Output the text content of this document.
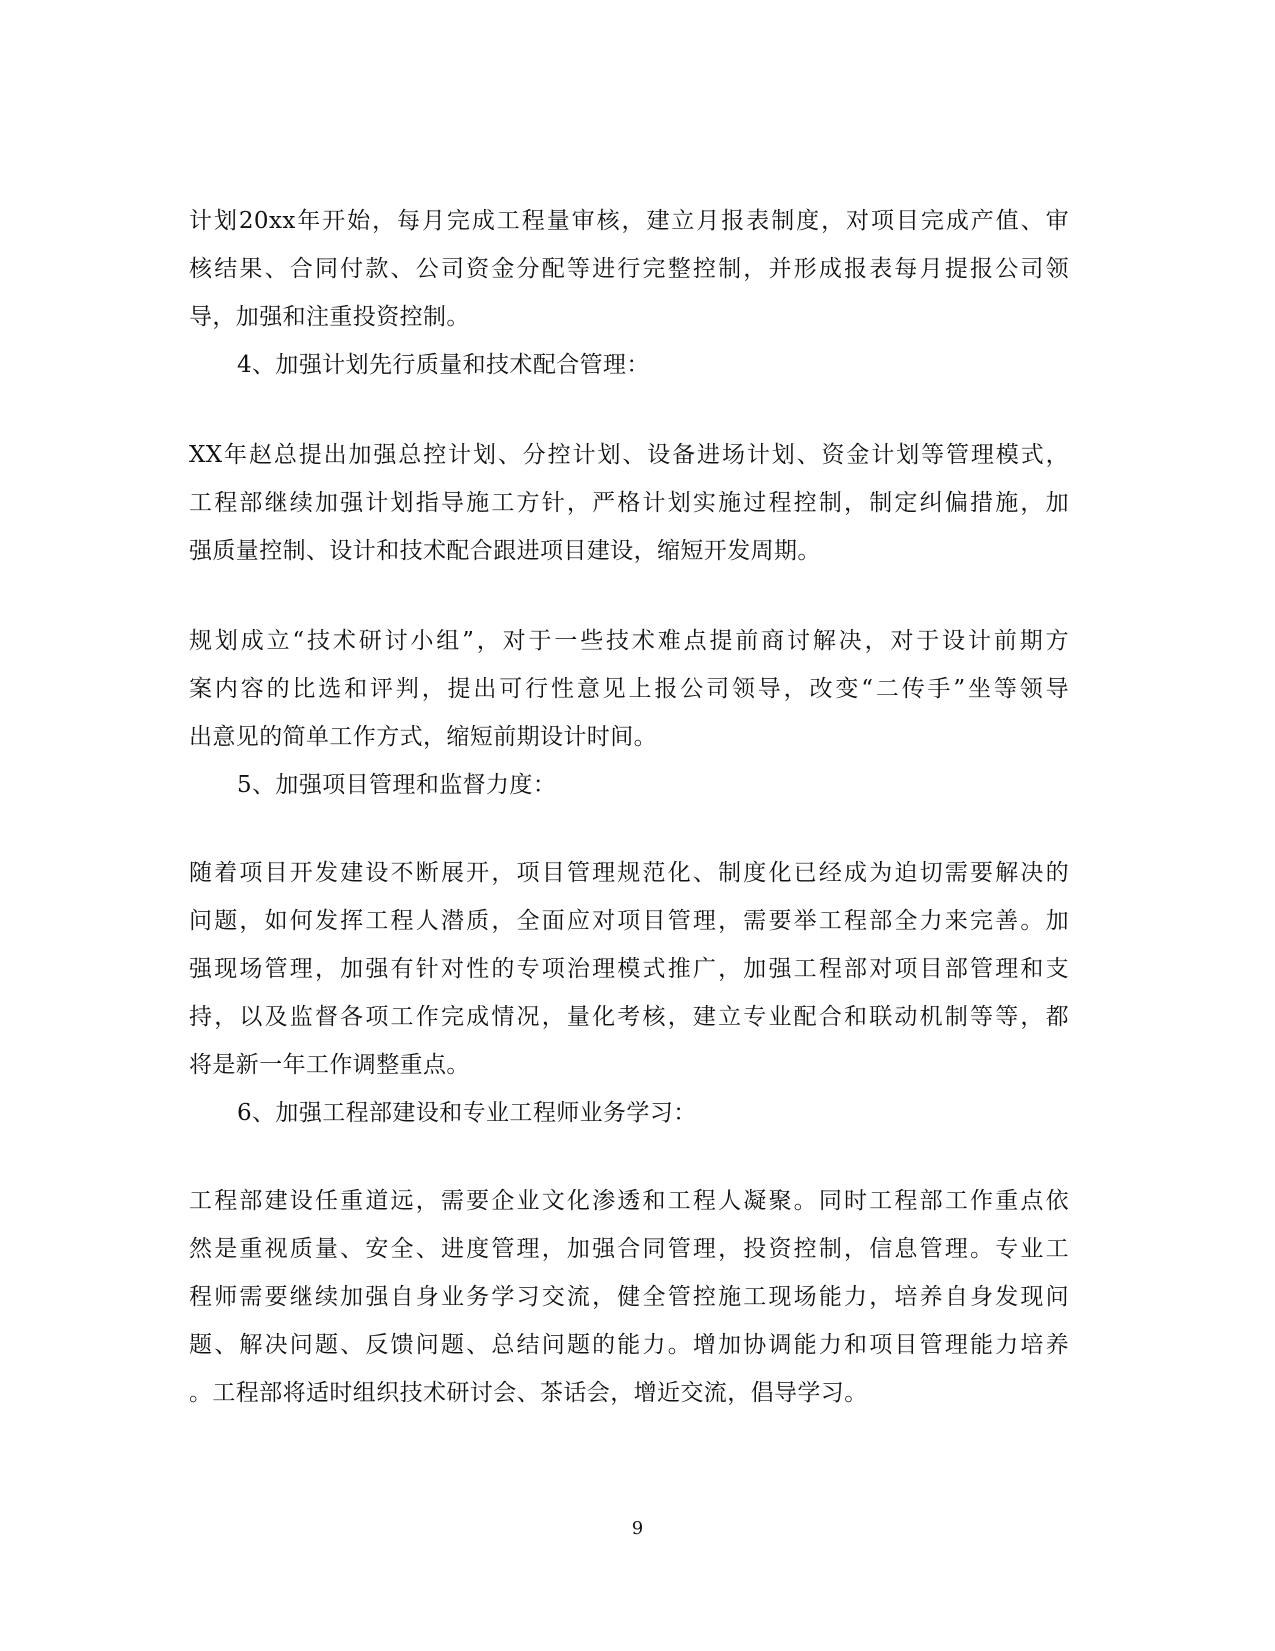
计划20xx年开始，每月完成工程量审核，建立月报表制度，对项目完成产值、审
核结果、合同付款、公司资金分配等进行完整控制，并形成报表每月提报公司领
导，加强和注重投资控制。
4、加强计划先行质量和技术配合管理：
XX年赵总提出加强总控计划、分控计划、设备进场计划、资金计划等管理模式，
工程部继续加强计划指导施工方针，严格计划实施过程控制，制定纠偏措施，加
强质量控制、设计和技术配合跟进项目建设，缩短开发周期。
规划成立“技术研讨小组”，对于一些技术难点提前商讨解决，对于设计前期方
案内容的比选和评判，提出可行性意见上报公司领导，改变“二传手”坐等领导
出意见的简单工作方式，缩短前期设计时间。
5、加强项目管理和监督力度：
随着项目开发建设不断展开，项目管理规范化、制度化已经成为迫切需要解决的
问题，如何发挥工程人潜质，全面应对项目管理，需要举工程部全力来完善。加
强现场管理，加强有针对性的专项治理模式推广，加强工程部对项目部管理和支
持，以及监督各项工作完成情况，量化考核，建立专业配合和联动机制等等，都
将是新一年工作调整重点。
6、加强工程部建设和专业工程师业务学习：
工程部建设任重道远，需要企业文化渗透和工程人凝聚。同时工程部工作重点依
然是重视质量、安全、进度管理，加强合同管理，投资控制，信息管理。专业工
程师需要继续加强自身业务学习交流，健全管控施工现场能力，培养自身发现问
题、解决问题、反馈问题、总结问题的能力。增加协调能力和项目管理能力培养
。工程部将适时组织技术研讨会、茶话会，增近交流，倡导学习。
9
